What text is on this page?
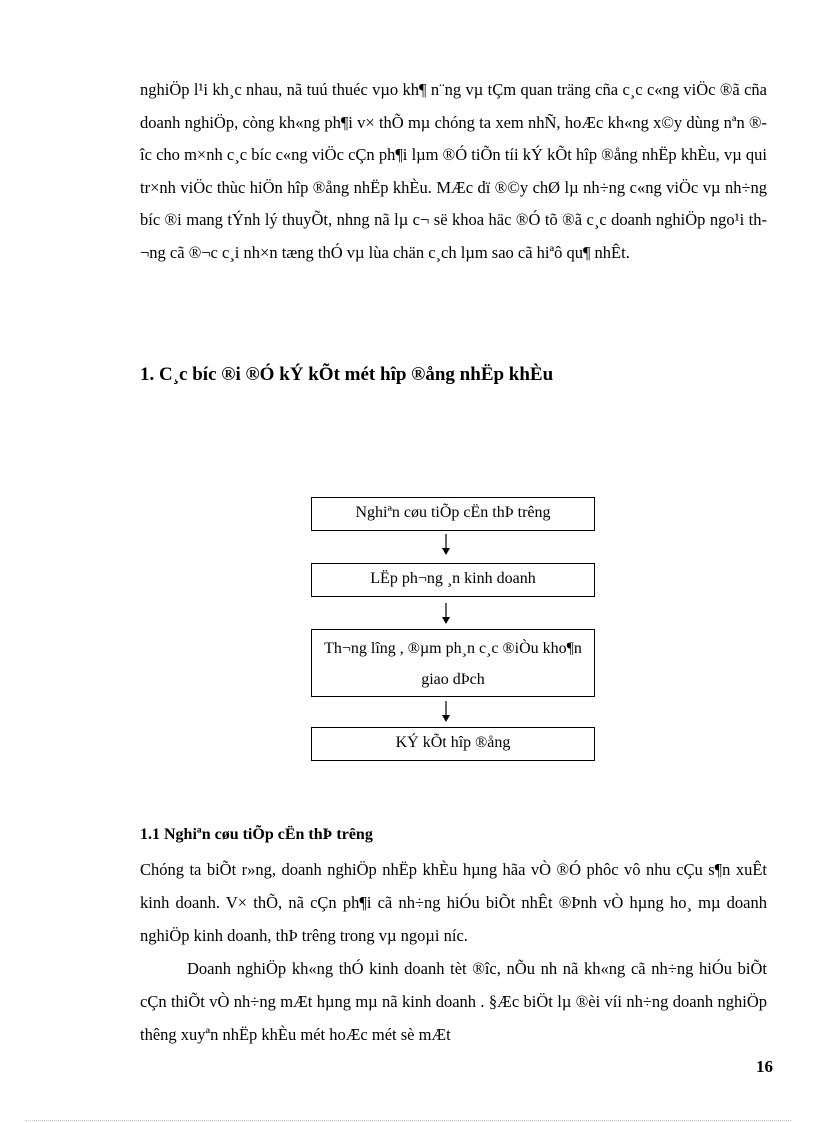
nghiÖp l¹i kh¸c nhau, nã tuú thuéc vµo kh¶ n¨ng vµ tÇm quan träng cña c¸c c«ng viÖc ®ã cña doanh nghiÖp, còng kh«ng ph¶i v× thÕ mµ chóng ta xem nhÑ, hoÆc kh«ng x©y dùng nªn ®îc cho m×nh c¸c bíc c«ng viÖc cÇn ph¶i lµm ®Ó tiÕn tíi kÝ kÕt hîp ®ång nhËp khÈu, vµ qui tr×nh viÖc thùc hiÖn hîp ®ång nhËp khÈu. MÆc dï ®©y chØ lµ nh÷ng c«ng viÖc vµ nh÷ng bíc ®i mang tÝnh lý thuyÕt, nhng nã lµ c¬ së khoa häc ®Ó tõ ®ã c¸c doanh nghiÖp ngo¹i th¬ng cã ®¬c c¸i nh×n tæng thÓ vµ lùa chän c¸ch lµm sao cã hiªô qu¶ nhÊt.

1. C¸c bíc ®i ®Ó kÝ kÕt mét hîp ®ång nhËp khÈu
Nghiªn cøu tiÕp cËn thÞ trêng
LËp ph¬ng ¸n kinh doanh
Th¬ng lîng , ®µm ph¸n c¸c ®iÒu kho¶n giao dÞch
KÝ kÕt hîp ®ång
1.1 Nghiªn cøu tiÕp cËn thÞ trêng

Chóng ta biÕt r»ng, doanh nghiÖp nhËp khÈu hµng hãa vÒ ®Ó phôc vô nhu cÇu s¶n xuÊt kinh doanh. V× thÕ, nã cÇn ph¶i cã nh÷ng hiÓu biÕt nhÊt ®Þnh vÒ hµng ho¸ mµ doanh nghiÖp kinh doanh, thÞ trêng trong vµ ngoµi níc.

Doanh nghiÖp kh«ng thÓ kinh doanh tèt ®îc, nÕu nh nã kh«ng cã nh÷ng hiÓu biÕt cÇn thiÕt vÒ nh÷ng mÆt hµng mµ nã kinh doanh . §Æc biÖt lµ ®èi víi nh÷ng doanh nghiÖp thêng xuyªn nhËp khÈu mét hoÆc mét sè mÆt

16
